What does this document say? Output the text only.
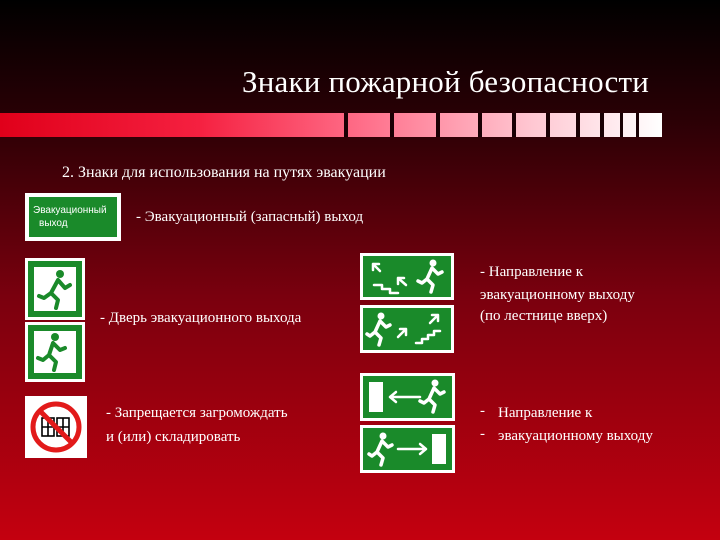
Знаки пожарной безопасности
2. Знаки для использования на путях эвакуации
Эвакуационный
выход	- Эвакуационный (запасный) выход
- Дверь эвакуационного выхода
- Запрещается загромождать
и (или) складировать
- Направление к
эвакуационному выходу
(по лестнице вверх)
- Направление к
- эвакуационному выходу
